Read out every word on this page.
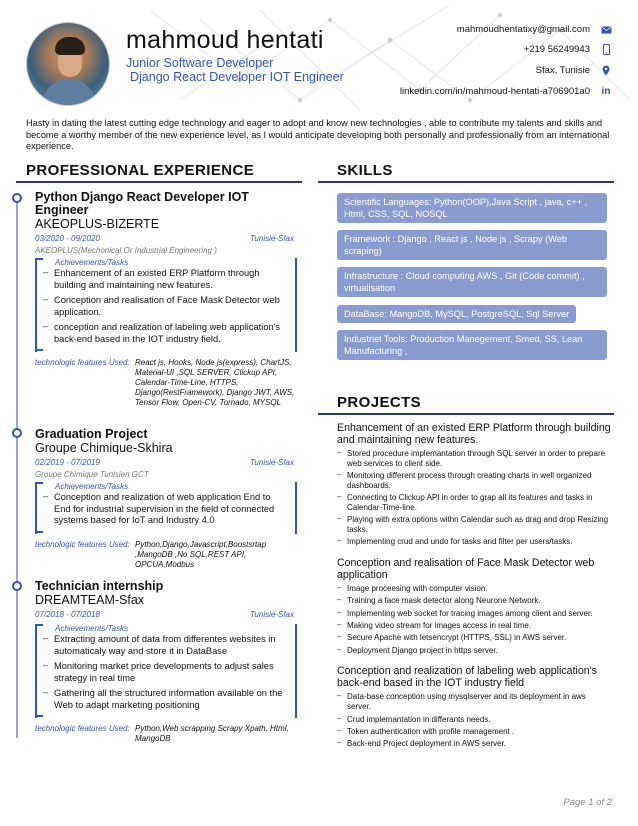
mahmoud hentati
Junior Software Developer
Django React Developer IOT Engineer
mahmoudhentatixy@gmail.com
+219 56249943
Sfax, Tunisie
linkedin.com/in/mahmoud-hentati-a706901a0 in

Hasty in dating the latest cutting edge technology and eager to adopt and know new technologies , able to contribute my talents and skills and become a worthy member of the new experience level, as I would anticipate developing both personally and professionally from an international experience.

PROFESSIONAL EXPERIENCE	SKILLS
PROJECTS
Python Django React Developer IOT Engineer
AKEOPLUS-BIZERTE
03/2020 - 09/2020	Tunisie-Sfax
AKEOPLUS(Mechonical Or Industrial Engineering )
Achievements/Tasks
– Enhancement of an existed ERP Platform through building and maintaining new features.
– Conception and realisation of Face Mask Detector web application.
– conception and realization of labeling web application's back-end based in the IOT industry field.
technologic features Used: React js, Hooks, Node js(express), ChartJS, Material-UI ,SQL SERVER, Clickup API, Calendar-Time-Line, HTTPS, Django(RestFramework), Django JWT, AWS, Tensor Flow, Open-CV, Tornado, MYSQL
Graduation Project
Groupe Chimique-Skhira
02/2019 - 07/2019	Tunisie-Sfax
Groupe Chimique Tunisien GCT
Achievements/Tasks
– Conception and realization of web application End to End for industrial supervision in the field of connected systems based for IoT and Industry 4.0
technologic features Used: Python,Django,Javascript,Boostsrtap ,MangoDB ,No SQL,REST API, OPCUA,Modbus
Technician internship
DREAMTEAM-Sfax
07/2018 - 07/2018	Tunisie-Sfax
Achievements/Tasks
– Extracting amount of data from differentes websites in automaticaly way and store it in DataBase
– Monitoring market price developments to adjust sales strategy in real time
– Gathering all the structured information available on the Web to adapt marketing positioning
technologic features Used: Python,Web scrapping Scrapy Xpath, Html, MangoDB
Scientific Languages: Python(OOP),Java Script , java, c++ , Html, CSS, SQL, NOSQL
Framework : Django , React js , Node js , Scrapy (Web scraping)
Infrastructure : Cloud computing AWS , Git (Code commit) , virtualisation
DataBase: MangoDB, MySQL, PostgreSQL, Sql Server
Industriel Tools: Production Manegement, Smed, SS, Lean Manufacturing ,
Enhancement of an existed ERP Platform through building and maintaining new features.
– Stored procedure implemantation through SQL server in order to prepare web services to client side.
– Monitoring different process through creating charts in well organized dashboards.
– Connecting to Clickup API in order to grap all its features and tasks in Calendar-Time-line.
– Playing with extra options withn Calendar such as drag and drop Resizing tasks.
– Implementing crud and undo for tasks and filter per users/tasks.
Conception and realisation of Face Mask Detector web application
– Image proceesing with computer vision.
– Training a face mask detector along Neurone Network.
– Implementing web socket for tracing images among client and server.
– Making video stream for images access in real time.
– Secure Apache with letsencrypt (HTTPS, SSL) in AWS server.
– Deployment Django project in https server.
Conception and realization of labeling web application's back-end based in the IOT industry field
– Data-base conception using mysqlserver and its deployment in aws server.
– Crud implemantation in differants needs.
– Token authentication with profile management .
– Back-end Project deployment in AWS server.
Page 1 of 2
